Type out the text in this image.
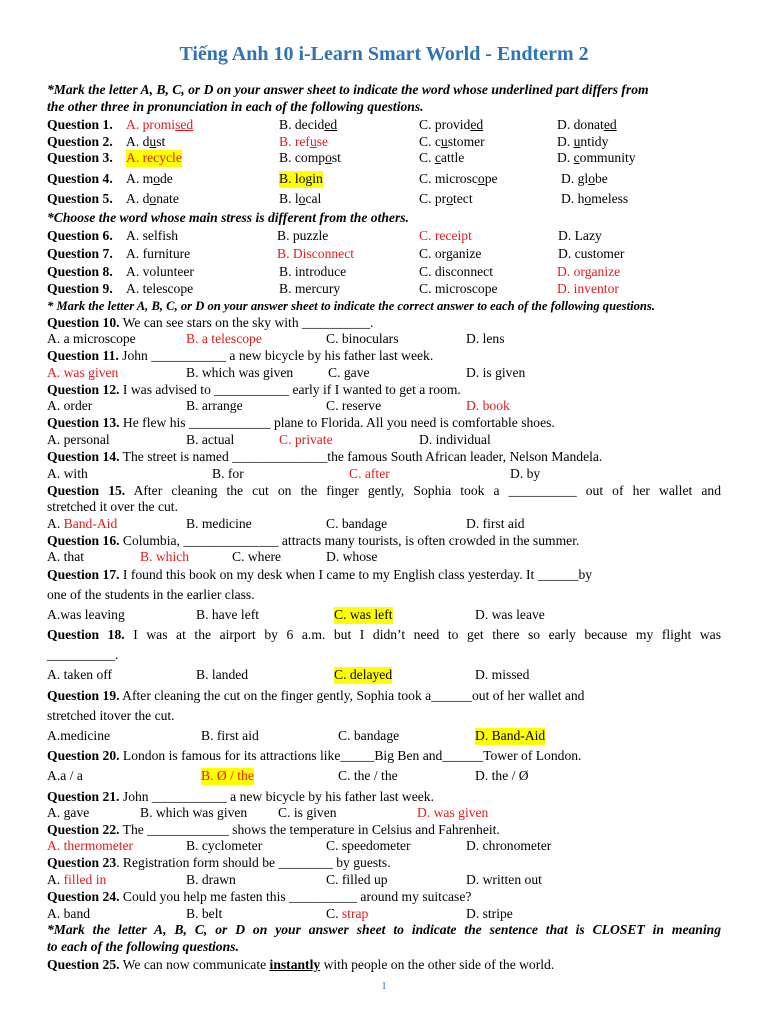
Tiếng Anh 10 i-Learn Smart World - Endterm 2
*Mark the letter A, B, C, or D on your answer sheet to indicate the word whose underlined part differs from
the other three in pronunciation in each of the following questions.
Question 1. A. promised	B. decided	C. provided	D. donated
Question 2. A. dust	B. refuse	C. customer	D. untidy
Question 3. A. recycle	B. compost	C. cattle	D. community
Question 4. A. mode	B. login	C. microscope	D. globe
Question 5. A. donate	B. local	C. protect	D. homeless
*Choose the word whose main stress is different from the others.
Question 6. A. selfish	B. puzzle	C. receipt	D. Lazy
Question 7. A. furniture	B. Disconnect	C. organize	D. customer
Question 8. A. volunteer	B. introduce	C. disconnect	D. organize
Question 9. A. telescope	B. mercury	C. microscope	D. inventor
* Mark the letter A, B, C, or D on your answer sheet to indicate the correct answer to each of the following questions.
Question 10. We can see stars on the sky with __________.
A. a microscope	B. a telescope	C. binoculars	D. lens
Question 11. John ___________ a new bicycle by his father last week.
A. was given	B. which was given	C. gave	D. is given
Question 12. I was advised to ___________ early if I wanted to get a room.
A. order	B. arrange	C. reserve	D. book
Question 13. He flew his ____________ plane to Florida. All you need is comfortable shoes.
A. personal	B. actual	C. private	D. individual
Question 14. The street is named ______________the famous South African leader, Nelson Mandela.
A. with	B. for	C. after	D. by
Question 15. After cleaning the cut on the finger gently, Sophia took a __________ out of her wallet and
stretched it over the cut.
A. Band-Aid	B. medicine	C. bandage	D. first aid
Question 16. Columbia, ______________ attracts many tourists, is often crowded in the summer.
A. that	B. which	C. where	D. whose
Question 17. I found this book on my desk when I came to my English class yesterday. It ______by
one of the students in the earlier class.
A.was leaving	B. have left	C. was left	D. was leave
Question 18. I was at the airport by 6 a.m. but I didn’t need to get there so early because my flight was
__________.
A. taken off	B. landed	C. delayed	D. missed
Question 19. After cleaning the cut on the finger gently, Sophia took a______out of her wallet and
stretched itover the cut.
A.medicine	B. first aid	C. bandage	D. Band-Aid
Question 20. London is famous for its attractions like_____Big Ben and______Tower of London.
A.a / a	B. Ø / the	C. the / the	D. the / Ø
Question 21. John ___________ a new bicycle by his father last week.
A. gave	B. which was given C. is given	D. was given
Question 22. The ____________ shows the temperature in Celsius and Fahrenheit.
A. thermometer	B. cyclometer	C. speedometer	D. chronometer
Question 23. Registration form should be ________ by guests.
A. filled in	B. drawn	C. filled up	D. written out
Question 24. Could you help me fasten this __________ around my suitcase?
A. band	B. belt	C. strap	D. stripe
*Mark the letter A, B, C, or D on your answer sheet to indicate the sentence that is CLOSET in meaning
to each of the following questions.
Question 25. We can now communicate instantly with people on the other side of the world.
1
